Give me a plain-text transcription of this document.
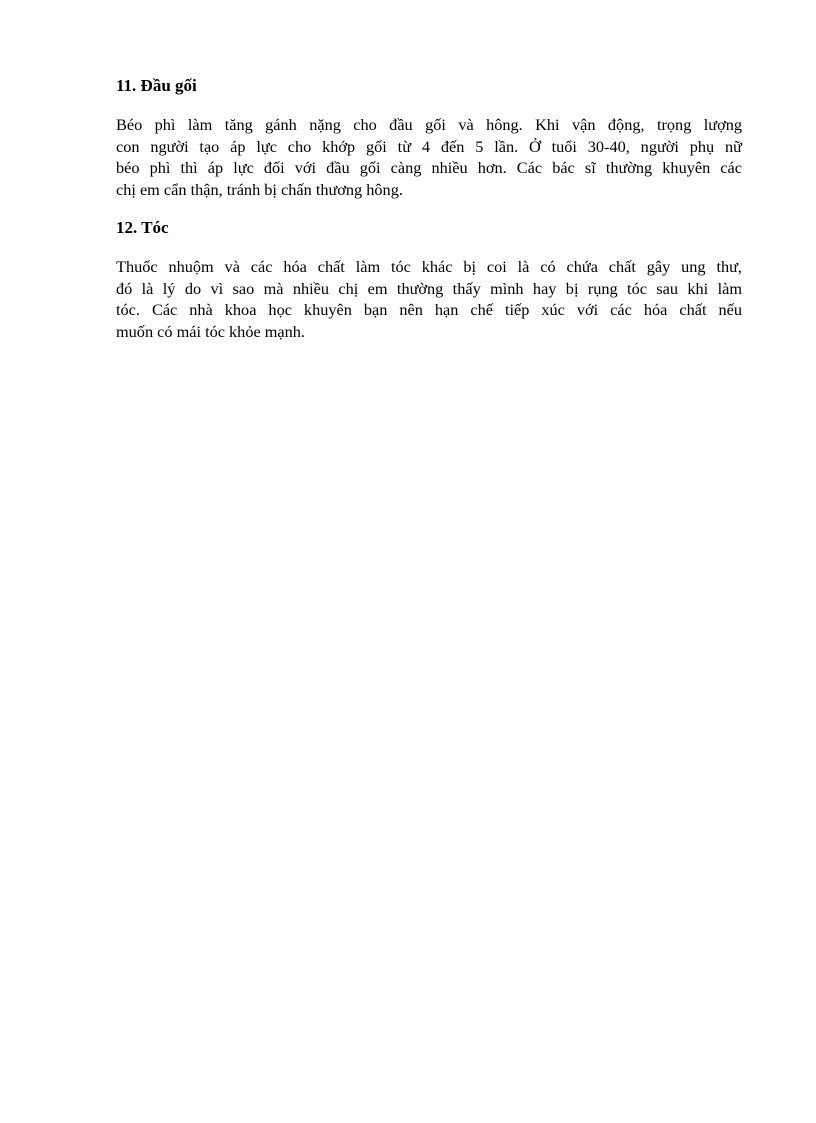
11. Đầu gối

Béo phì làm tăng gánh nặng cho đầu gối và hông. Khi vận động, trọng lượng
con người tạo áp lực cho khớp gối từ 4 đến 5 lần. Ở tuổi 30-40, người phụ nữ
béo phì thì áp lực đối với đầu gối càng nhiều hơn. Các bác sĩ thường khuyên các
chị em cẩn thận, tránh bị chấn thương hông.

12. Tóc

Thuốc nhuộm và các hóa chất làm tóc khác bị coi là có chứa chất gây ung thư,
đó là lý do vì sao mà nhiều chị em thường thấy mình hay bị rụng tóc sau khi làm
tóc. Các nhà khoa học khuyên bạn nên hạn chế tiếp xúc với các hóa chất nếu
muốn có mái tóc khỏe mạnh.
